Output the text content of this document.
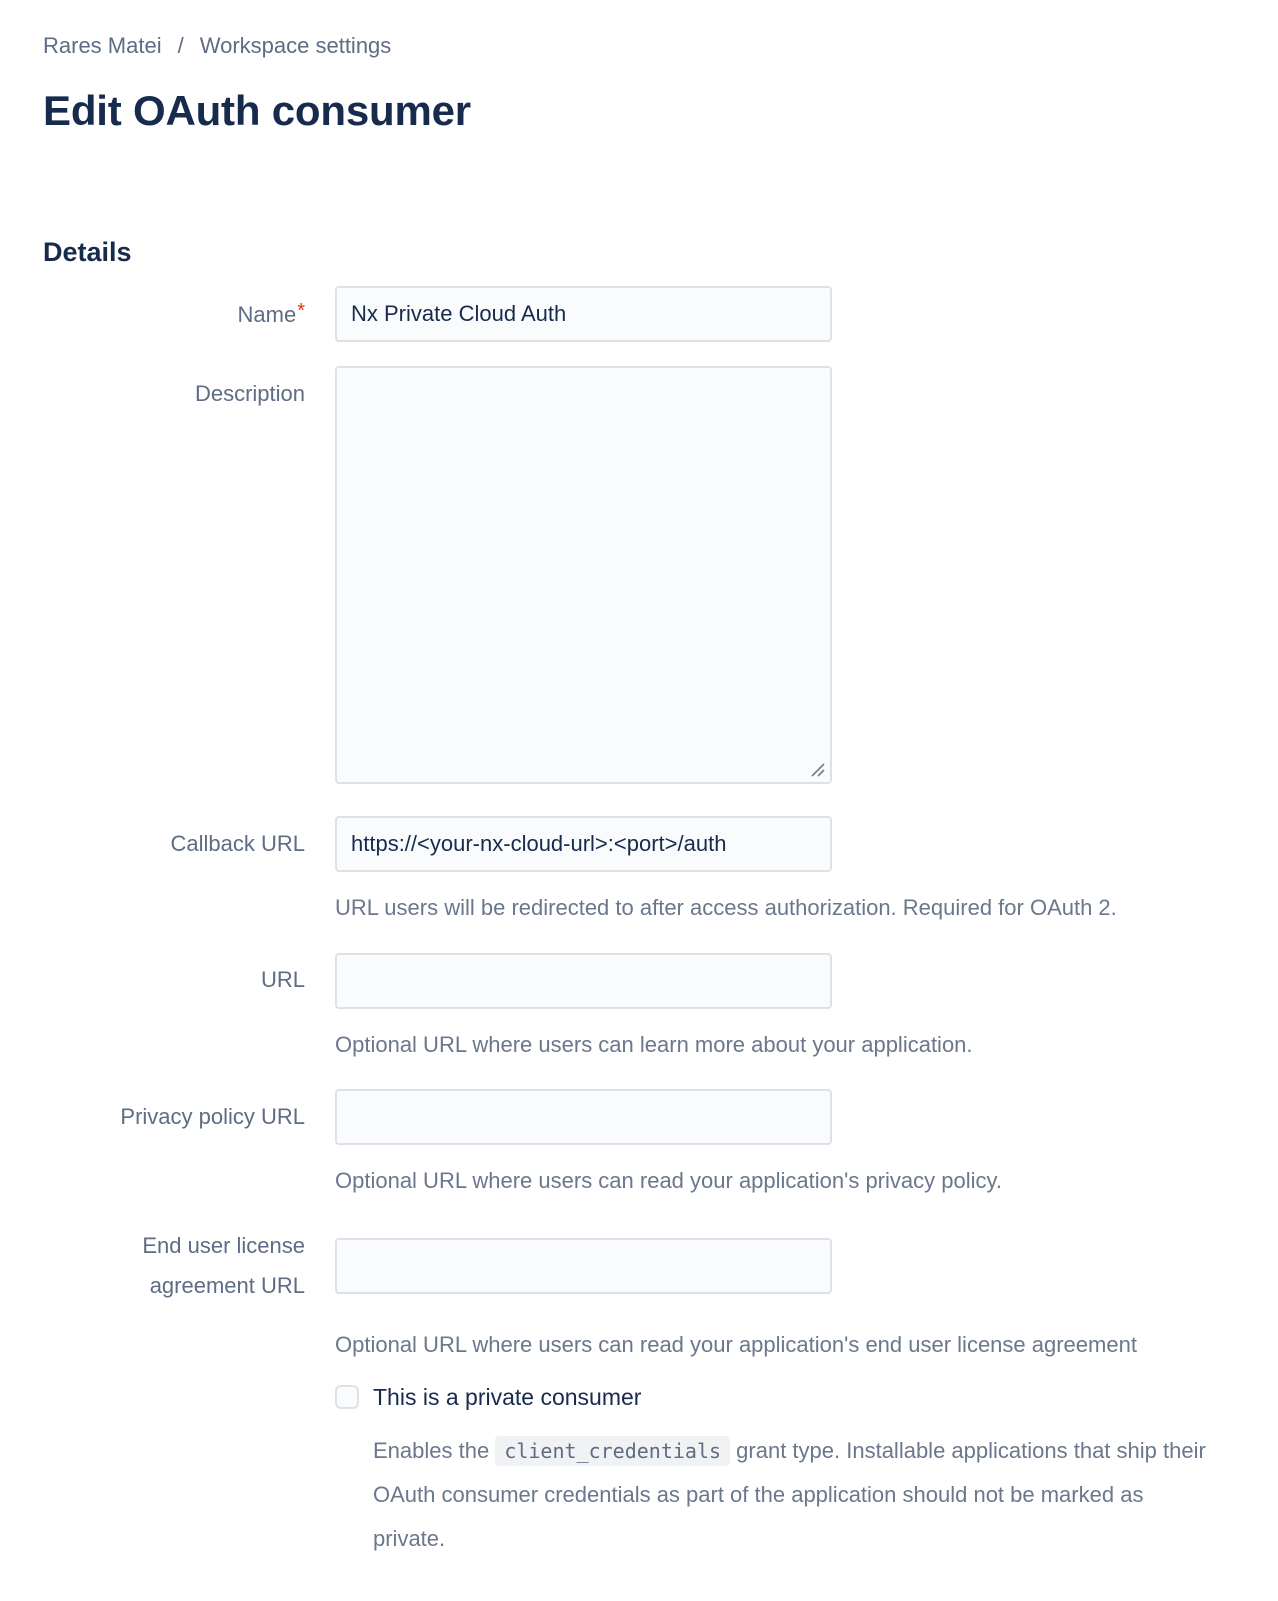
Rares Matei / Workspace settings
Edit OAuth consumer
Details
Name*
Nx Private Cloud Auth
Description
Callback URL
https://<your-nx-cloud-url>:<port>/auth
URL users will be redirected to after access authorization. Required for OAuth 2.
URL
Optional URL where users can learn more about your application.
Privacy policy URL
Optional URL where users can read your application's privacy policy.
End user license agreement URL
Optional URL where users can read your application's end user license agreement
This is a private consumer

Enables the client_credentials grant type. Installable applications that ship their OAuth consumer credentials as part of the application should not be marked as private.
